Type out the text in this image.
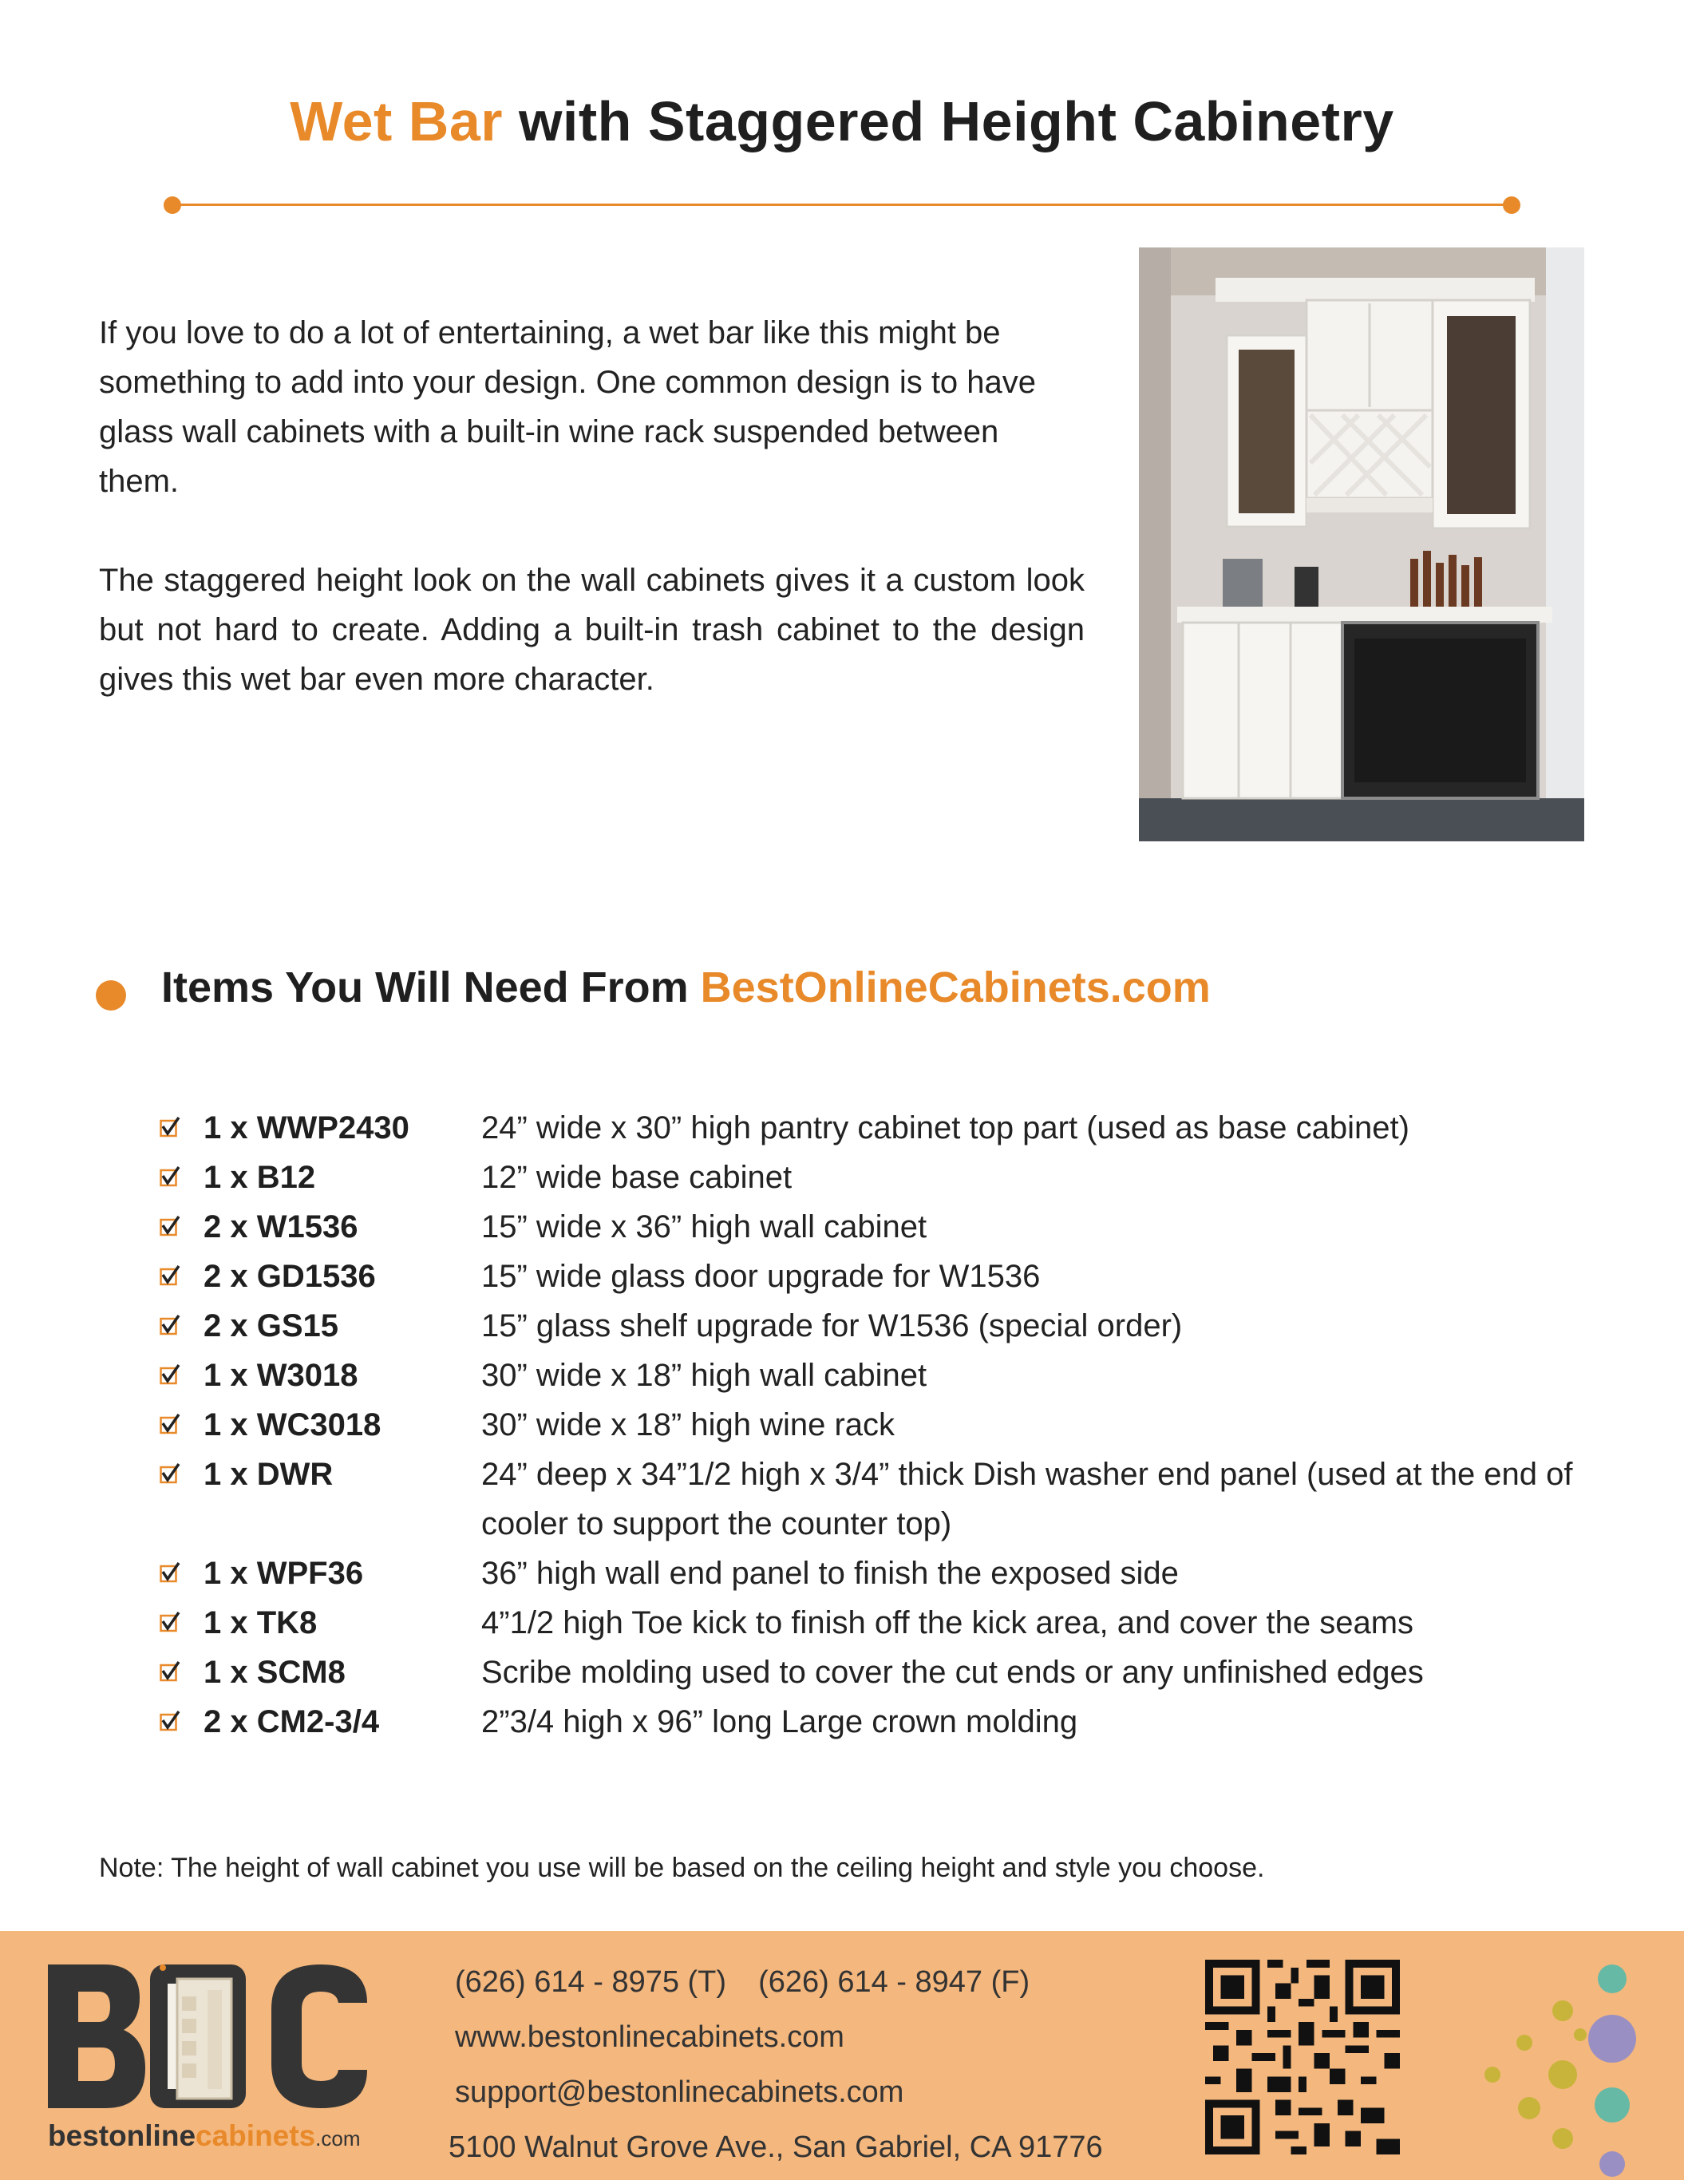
Wet Bar with Staggered Height Cabinetry

If you love to do a lot of entertaining, a wet bar like this might be something to add into your design. One common design is to have glass wall cabinets with a built-in wine rack suspended between them.

The staggered height look on the wall cabinets gives it a custom look but not hard to create. Adding a built-in trash cabinet to the design gives this wet bar even more character.

Items You Will Need From BestOnlineCabinets.com
1 x WWP2430	24” wide x 30” high pantry cabinet top part (used as base cabinet)
1 x B12	12” wide base cabinet
2 x W1536	15” wide x 36” high wall cabinet
2 x GD1536	15” wide glass door upgrade for W1536
2 x GS15	15” glass shelf upgrade for W1536 (special order)
1 x W3018	30” wide x 18” high wall cabinet
1 x WC3018	30” wide x 18” high wine rack
1 x DWR	24” deep x 34”1/2 high x 3/4” thick Dish washer end panel (used at the end of cooler to support the counter top)
1 x WPF36	36” high wall end panel to finish the exposed side
1 x TK8	4”1/2 high Toe kick to finish off the kick area, and cover the seams
1 x SCM8	Scribe molding used to cover the cut ends or any unfinished edges
2 x CM2-3/4	2”3/4 high x 96” long Large crown molding
Note: The height of wall cabinet you use will be based on the ceiling height and style you choose.
bestonlinecabinets.com
(626) 614 - 8975 (T) (626) 614 - 8947 (F)
www.bestonlinecabinets.com
support@bestonlinecabinets.com
5100 Walnut Grove Ave., San Gabriel, CA 91776
